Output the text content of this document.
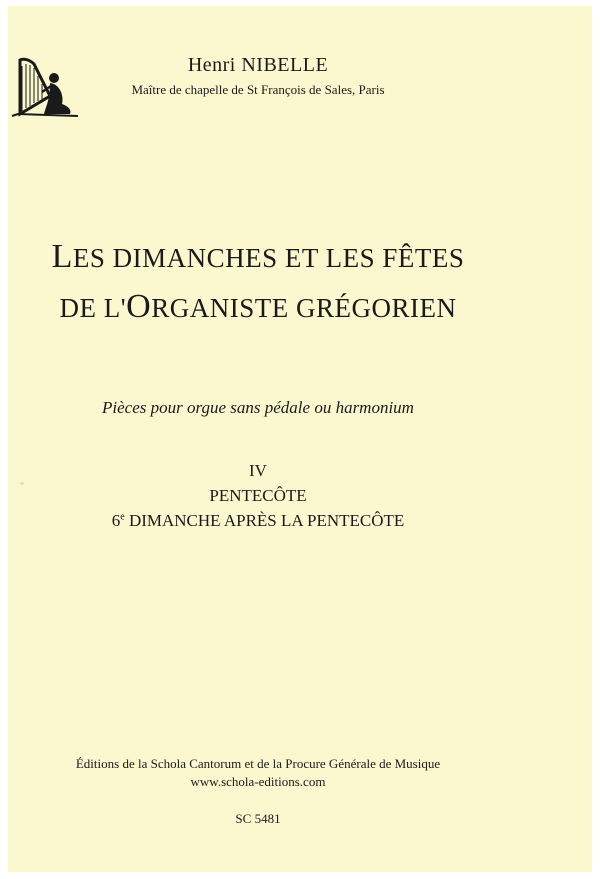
Henri NIBELLE
Maître de chapelle de St François de Sales, Paris
LES DIMANCHES ET LES FÊTES
DE L'ORGANISTE GRÉGORIEN
Pièces pour orgue sans pédale ou harmonium
IV
PENTECÔTE
6e DIMANCHE APRÈS LA PENTECÔTE
Éditions de la Schola Cantorum et de la Procure Générale de Musique
www.schola-editions.com
SC 5481
